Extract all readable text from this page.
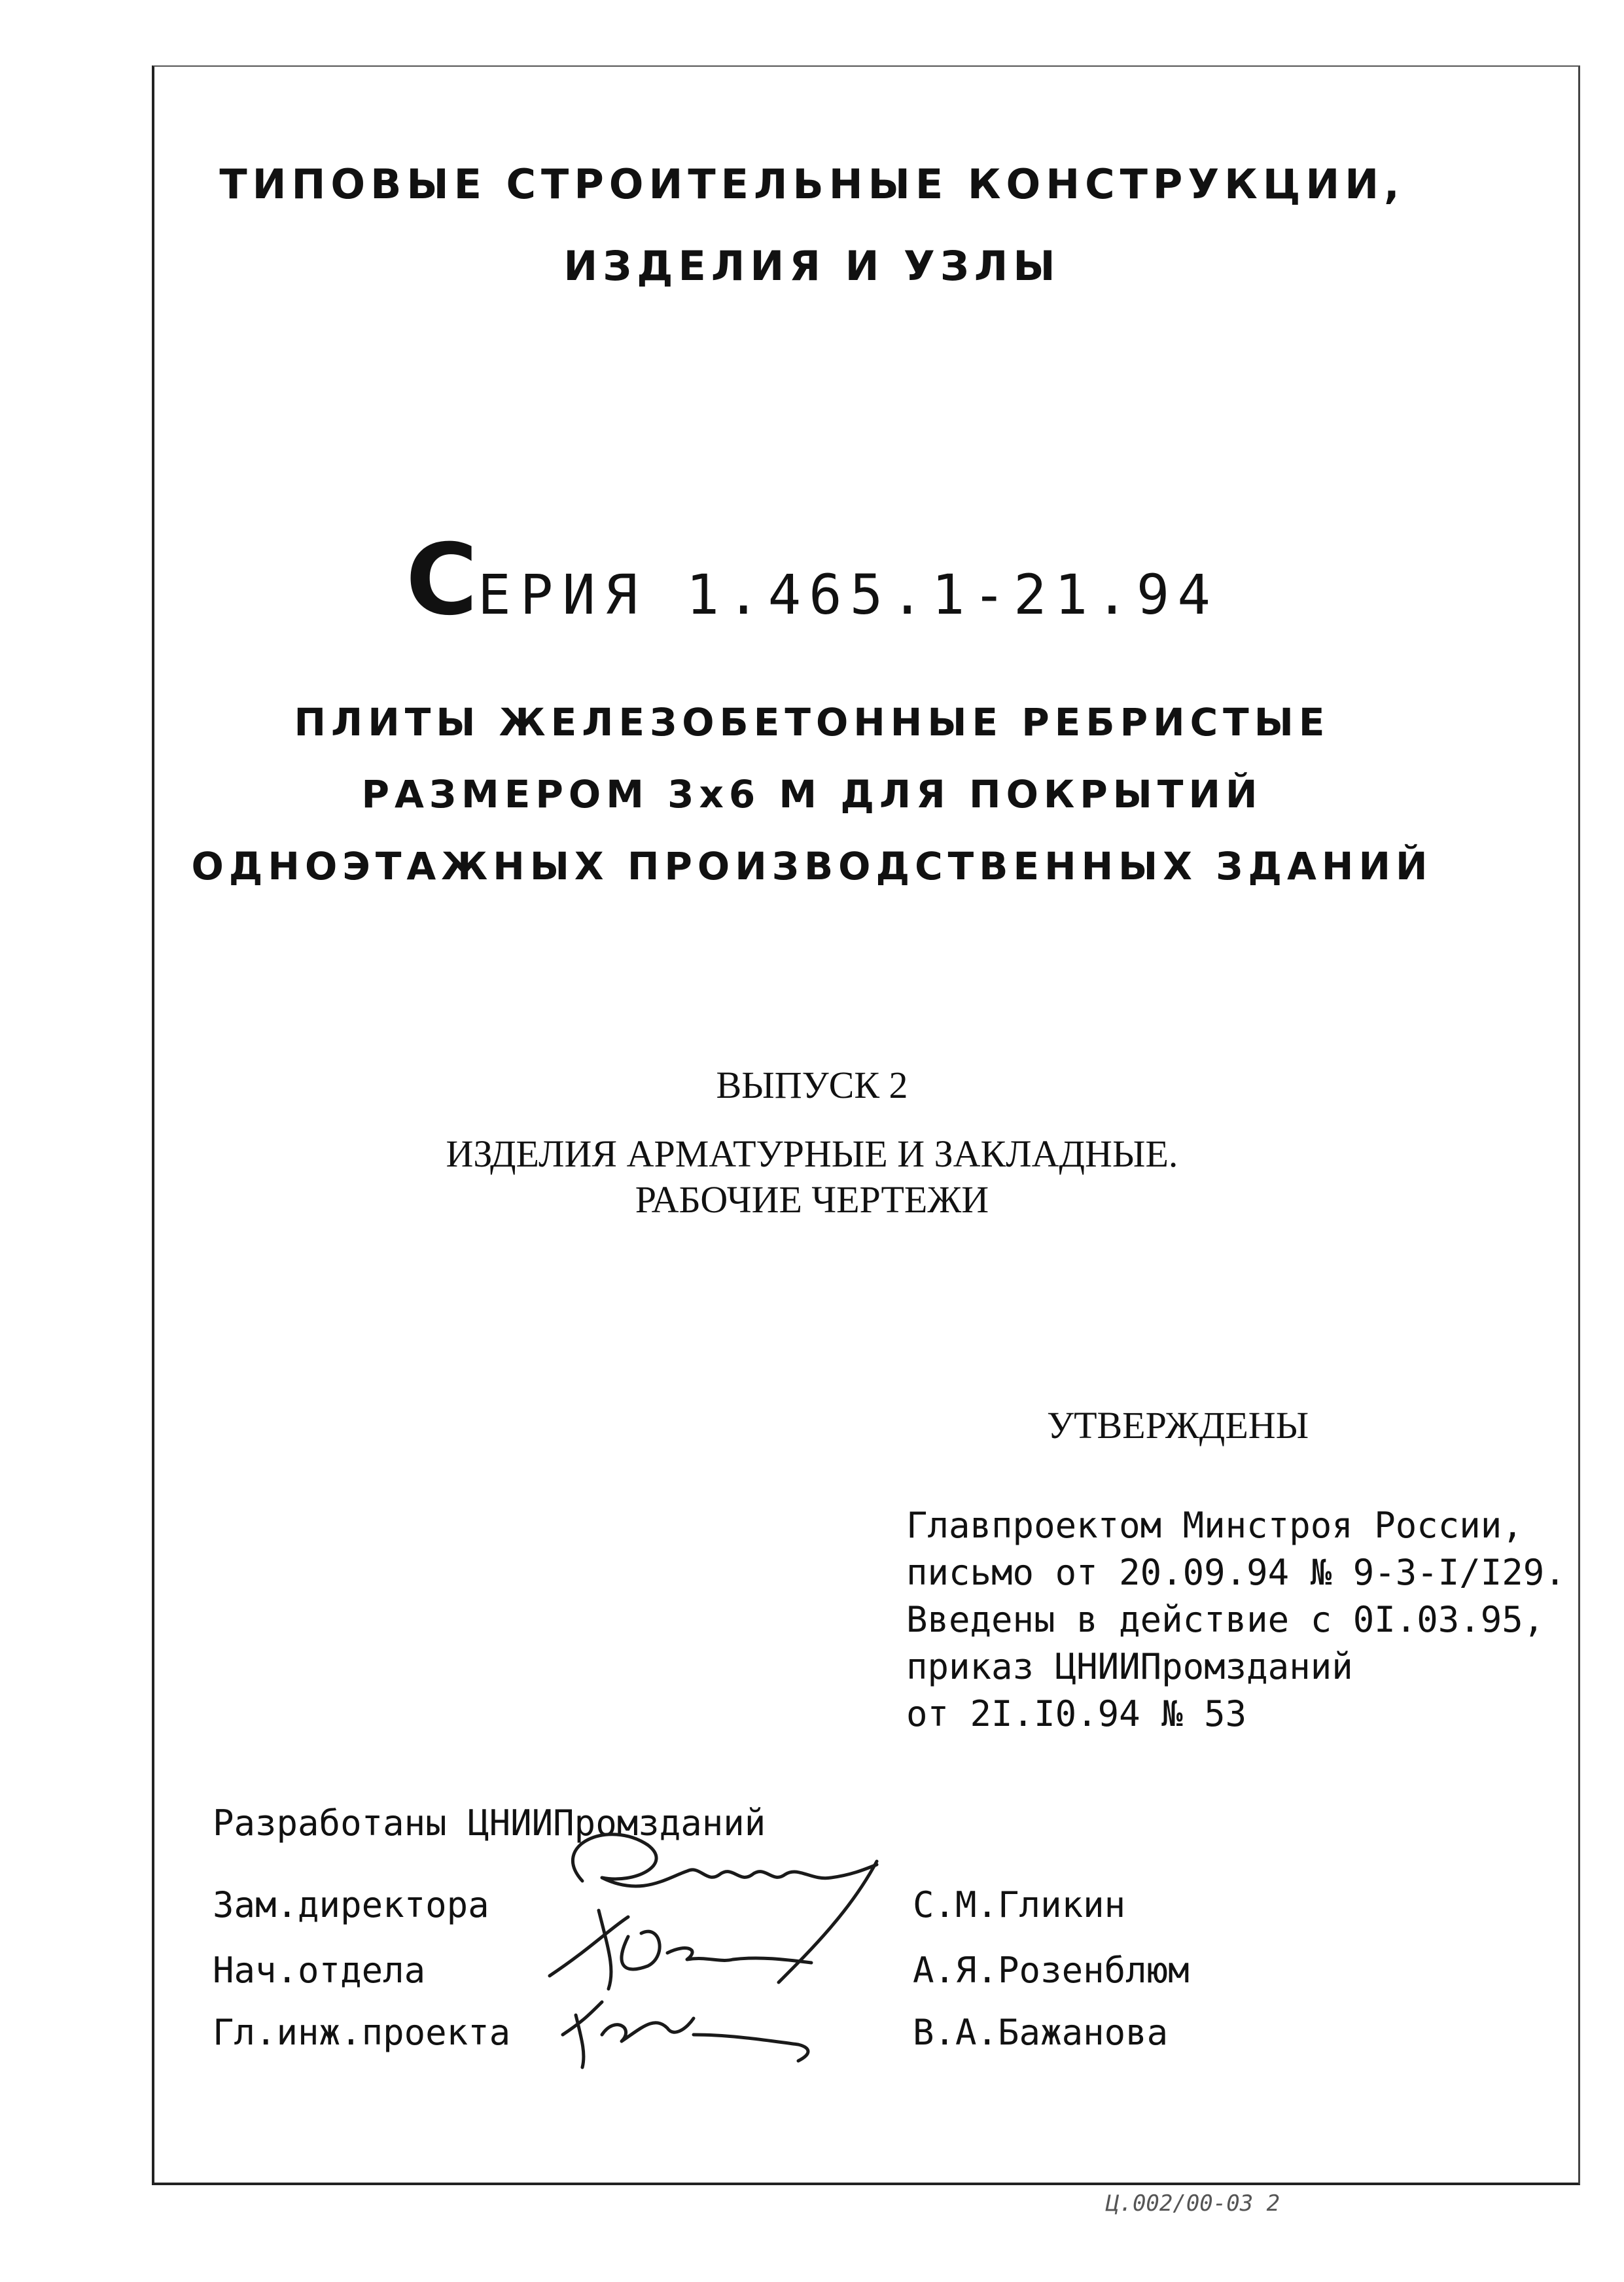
ТИПОВЫЕ СТРОИТЕЛЬНЫЕ КОНСТРУКЦИИ,
ИЗДЕЛИЯ И УЗЛЫ
СЕРИЯ 1.465.1-21.94
ПЛИТЫ ЖЕЛЕЗОБЕТОННЫЕ РЕБРИСТЫЕ
РАЗМЕРОМ 3х6 М ДЛЯ ПОКРЫТИЙ
ОДНОЭТАЖНЫХ ПРОИЗВОДСТВЕННЫХ ЗДАНИЙ
ВЫПУСК 2
ИЗДЕЛИЯ АРМАТУРНЫЕ И ЗАКЛАДНЫЕ.
РАБОЧИЕ ЧЕРТЕЖИ
УТВЕРЖДЕНЫ
Главпроектом Минстроя России,
письмо от 20.09.94 № 9-3-I/I29.
Введены в действие с 0I.03.95,
приказ ЦНИИПромзданий
от 2I.I0.94 № 53
Разработаны ЦНИИПромзданий
Зам.директора	С.М.Гликин
Нач.отдела	А.Я.Розенблюм
Гл.инж.проекта	В.А.Бажанова
Ц.002/00-03 2
